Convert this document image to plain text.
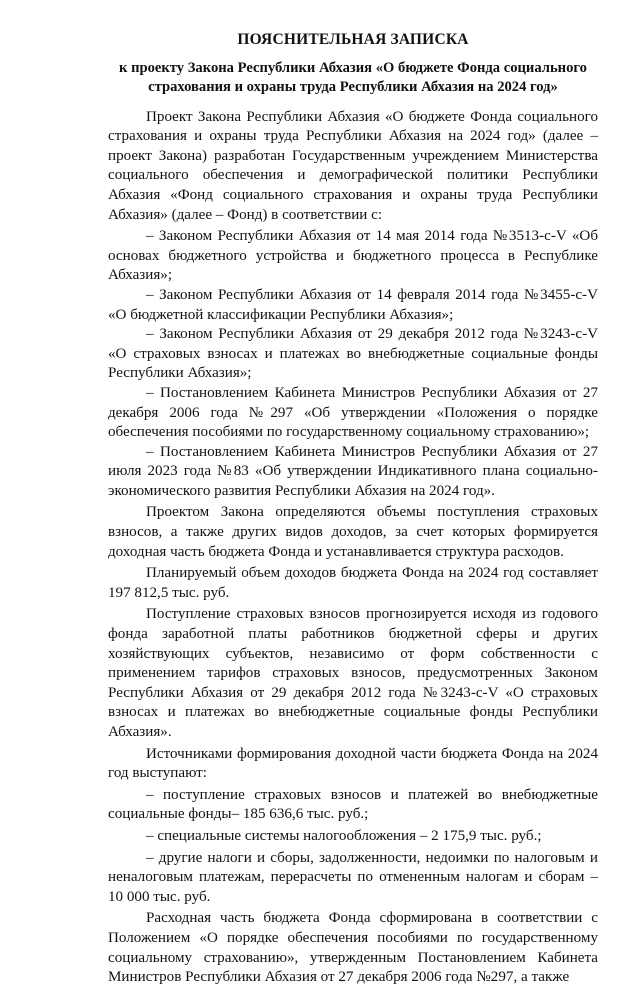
ПОЯСНИТЕЛЬНАЯ ЗАПИСКА
к проекту Закона Республики Абхазия «О бюджете Фонда социального страхования и охраны труда Республики Абхазия на 2024 год»

Проект Закона Республики Абхазия «О бюджете Фонда социального страхования и охраны труда Республики Абхазия на 2024 год» (далее – проект Закона) разработан Государственным учреждением Министерства социального обеспечения и демографической политики Республики Абхазия «Фонд социального страхования и охраны труда Республики Абхазия» (далее – Фонд) в соответствии с:

– Законом Республики Абхазия от 14 мая 2014 года №3513-с-V «Об основах бюджетного устройства и бюджетного процесса в Республике Абхазия»;

– Законом Республики Абхазия от 14 февраля 2014 года №3455-с-V «О бюджетной классификации Республики Абхазия»;

– Законом Республики Абхазия от 29 декабря 2012 года №3243-с-V «О страховых взносах и платежах во внебюджетные социальные фонды Республики Абхазия»;

– Постановлением Кабинета Министров Республики Абхазия от 27 декабря 2006 года №297 «Об утверждении «Положения о порядке обеспечения пособиями по государственному социальному страхованию»;

– Постановлением Кабинета Министров Республики Абхазия от 27 июля 2023 года №83 «Об утверждении Индикативного плана социально-экономического развития Республики Абхазия на 2024 год».

Проектом Закона определяются объемы поступления страховых взносов, а также других видов доходов, за счет которых формируется доходная часть бюджета Фонда и устанавливается структура расходов.

Планируемый объем доходов бюджета Фонда на 2024 год составляет 197 812,5 тыс. руб.

Поступление страховых взносов прогнозируется исходя из годового фонда заработной платы работников бюджетной сферы и других хозяйствующих субъектов, независимо от форм собственности с применением тарифов страховых взносов, предусмотренных Законом Республики Абхазия от 29 декабря 2012 года №3243-с-V «О страховых взносах и платежах во внебюджетные социальные фонды Республики Абхазия».

Источниками формирования доходной части бюджета Фонда на 2024 год выступают:

– поступление страховых взносов и платежей во внебюджетные социальные фонды– 185 636,6 тыс. руб.;

– специальные системы налогообложения – 2 175,9 тыс. руб.;

– другие налоги и сборы, задолженности, недоимки по налоговым и неналоговым платежам, перерасчеты по отмененным налогам и сборам – 10 000 тыс. руб.

Расходная часть бюджета Фонда сформирована в соответствии с Положением «О порядке обеспечения пособиями по государственному социальному страхованию», утвержденным Постановлением Кабинета Министров Республики Абхазия от 27 декабря 2006 года №297, а также
